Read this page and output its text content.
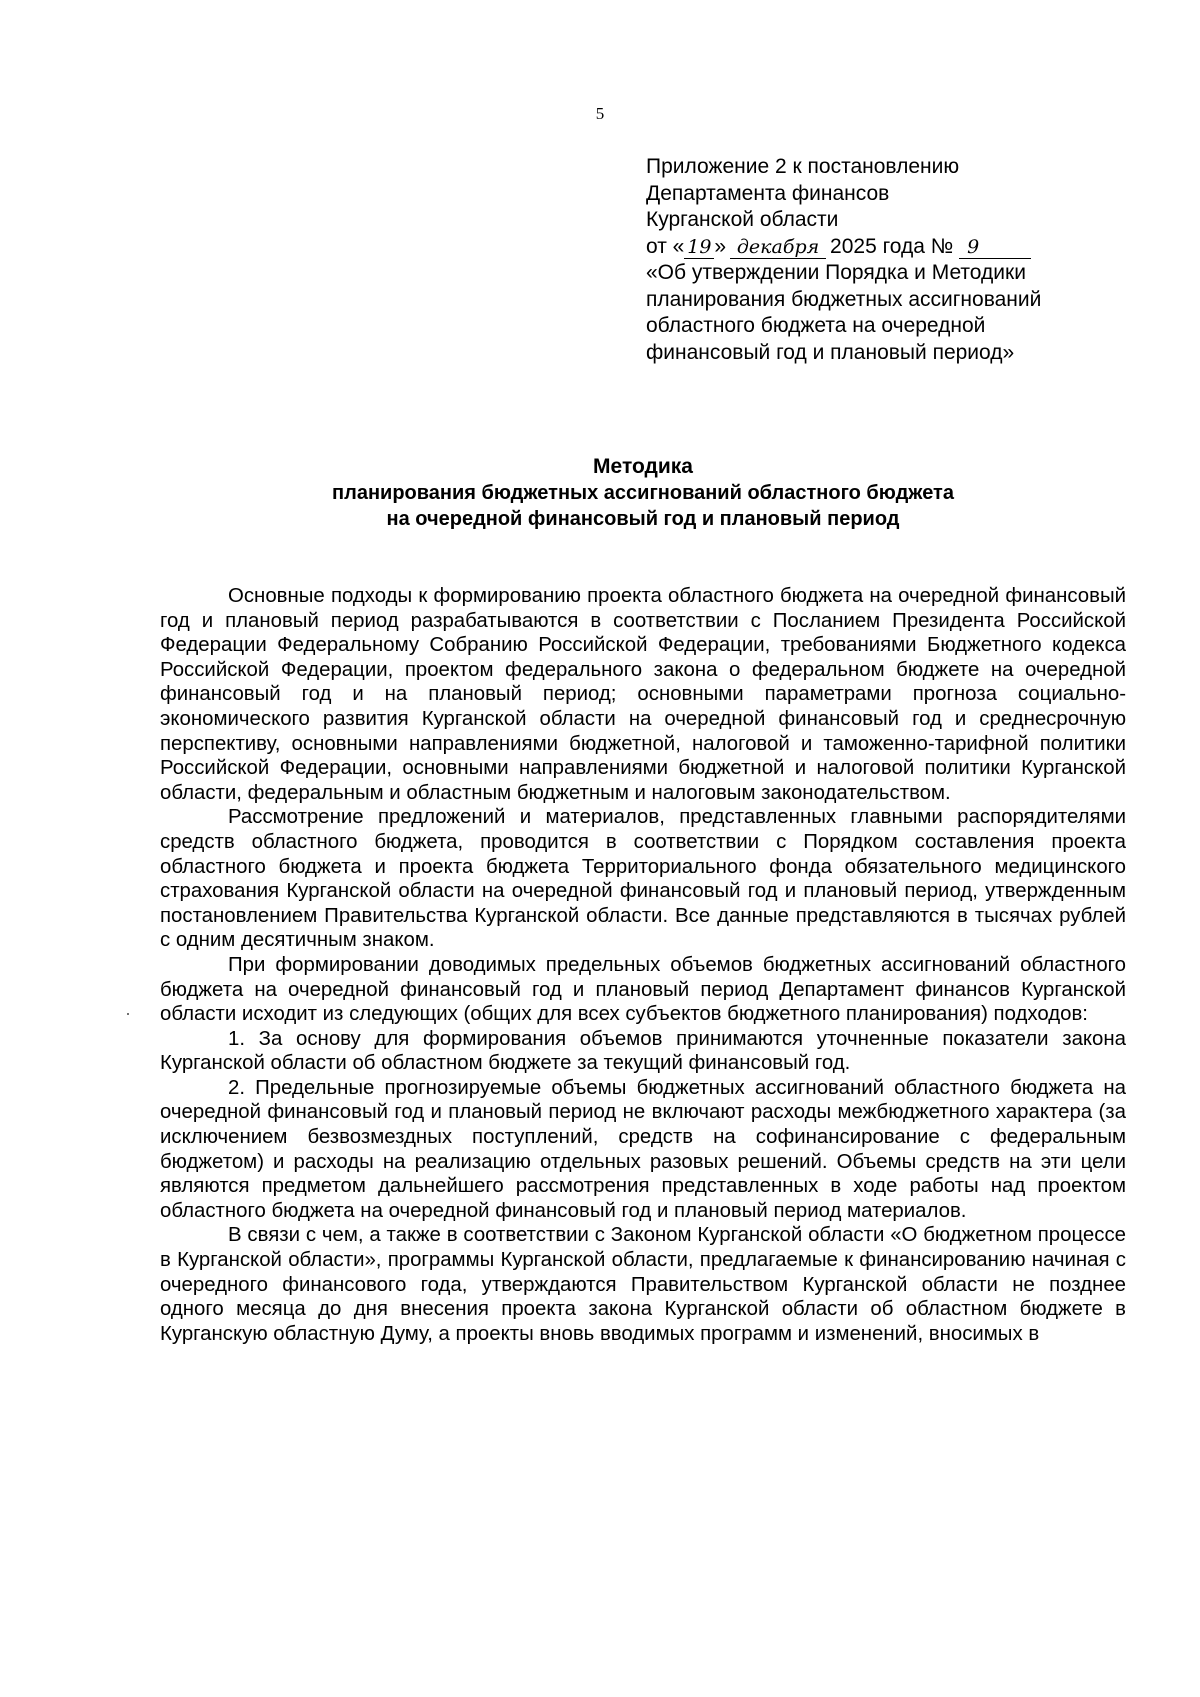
5
Приложение 2 к постановлению
Департамента финансов
Курганской области
от « 19 » декабря 2025 года № 9
«Об утверждении Порядка и Методики
планирования бюджетных ассигнований
областного бюджета на очередной
финансовый год и плановый период»
Методика
планирования бюджетных ассигнований областного бюджета
на очередной финансовый год и плановый период

Основные подходы к формированию проекта областного бюджета на очередной финансовый год и плановый период разрабатываются в соответствии с Посланием Президента Российской Федерации Федеральному Собранию Российской Федерации, требованиями Бюджетного кодекса Российской Федерации, проектом федерального закона о федеральном бюджете на очередной финансовый год и на плановый период; основными параметрами прогноза социально-экономического развития Курганской области на очередной финансовый год и среднесрочную перспективу, основными направлениями бюджетной, налоговой и таможенно-тарифной политики Российской Федерации, основными направлениями бюджетной и налоговой политики Курганской области, федеральным и областным бюджетным и налоговым законодательством.

Рассмотрение предложений и материалов, представленных главными распорядителями средств областного бюджета, проводится в соответствии с Порядком составления проекта областного бюджета и проекта бюджета Территориального фонда обязательного медицинского страхования Курганской области на очередной финансовый год и плановый период, утвержденным постановлением Правительства Курганской области. Все данные представляются в тысячах рублей с одним десятичным знаком.

При формировании доводимых предельных объемов бюджетных ассигнований областного бюджета на очередной финансовый год и плановый период Департамент финансов Курганской области исходит из следующих (общих для всех субъектов бюджетного планирования) подходов:

1. За основу для формирования объемов принимаются уточненные показатели закона Курганской области об областном бюджете за текущий финансовый год.

2. Предельные прогнозируемые объемы бюджетных ассигнований областного бюджета на очередной финансовый год и плановый период не включают расходы межбюджетного характера (за исключением безвозмездных поступлений, средств на софинансирование с федеральным бюджетом) и расходы на реализацию отдельных разовых решений. Объемы средств на эти цели являются предметом дальнейшего рассмотрения представленных в ходе работы над проектом областного бюджета на очередной финансовый год и плановый период материалов.

В связи с чем, а также в соответствии с Законом Курганской области «О бюджетном процессе в Курганской области», программы Курганской области, предлагаемые к финансированию начиная с очередного финансового года, утверждаются Правительством Курганской области не позднее одного месяца до дня внесения проекта закона Курганской области об областном бюджете в Курганскую областную Думу, а проекты вновь вводимых программ и изменений, вносимых в
